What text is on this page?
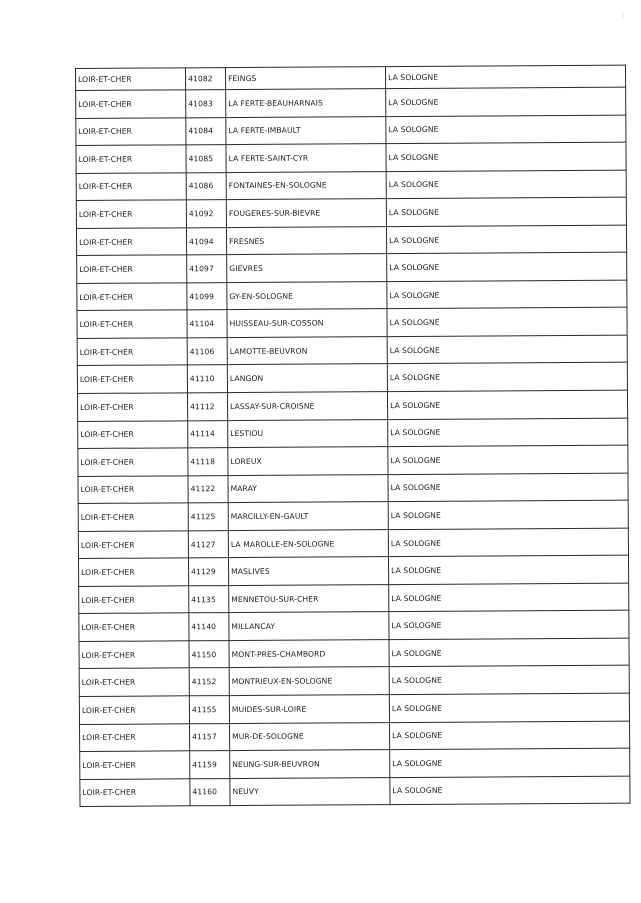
⋮
LOIR-ET-CHER	41082	FEINGS	LA SOLOGNE
LOIR-ET-CHER	41083	LA FERTE-BEAUHARNAIS	LA SOLOGNE
LOIR-ET-CHER	41084	LA FERTE-IMBAULT	LA SOLOGNE
LOIR-ET-CHER	41085	LA FERTE-SAINT-CYR	LA SOLOGNE
LOIR-ET-CHER	41086	FONTAINES-EN-SOLOGNE	LA SOLOGNE
LOIR-ET-CHER	41092	FOUGERES-SUR-BIEVRE	LA SOLOGNE
LOIR-ET-CHER	41094	FRESNES	LA SOLOGNE
LOIR-ET-CHER	41097	GIEVRES	LA SOLOGNE
LOIR-ET-CHER	41099	GY-EN-SOLOGNE	LA SOLOGNE
LOIR-ET-CHER	41104	HUISSEAU-SUR-COSSON	LA SOLOGNE
LOIR-ET-CHER	41106	LAMOTTE-BEUVRON	LA SOLOGNE
LOIR-ET-CHER	41110	LANGON	LA SOLOGNE
LOIR-ET-CHER	41112	LASSAY-SUR-CROISNE	LA SOLOGNE
LOIR-ET-CHER	41114	LESTIOU	LA SOLOGNE
LOIR-ET-CHER	41118	LOREUX	LA SOLOGNE
LOIR-ET-CHER	41122	MARAY	LA SOLOGNE
LOIR-ET-CHER	41125	MARCILLY-EN-GAULT	LA SOLOGNE
LOIR-ET-CHER	41127	LA MAROLLE-EN-SOLOGNE	LA SOLOGNE
LOIR-ET-CHER	41129	MASLIVES	LA SOLOGNE
LOIR-ET-CHER	41135	MENNETOU-SUR-CHER	LA SOLOGNE
LOIR-ET-CHER	41140	MILLANCAY	LA SOLOGNE
LOIR-ET-CHER	41150	MONT-PRES-CHAMBORD	LA SOLOGNE
LOIR-ET-CHER	41152	MONTRIEUX-EN-SOLOGNE	LA SOLOGNE
LOIR-ET-CHER	41155	MUIDES-SUR-LOIRE	LA SOLOGNE
LOIR-ET-CHER	41157	MUR-DE-SOLOGNE	LA SOLOGNE
LOIR-ET-CHER	41159	NEUNG-SUR-BEUVRON	LA SOLOGNE
LOIR-ET-CHER	41160	NEUVY	LA SOLOGNE
